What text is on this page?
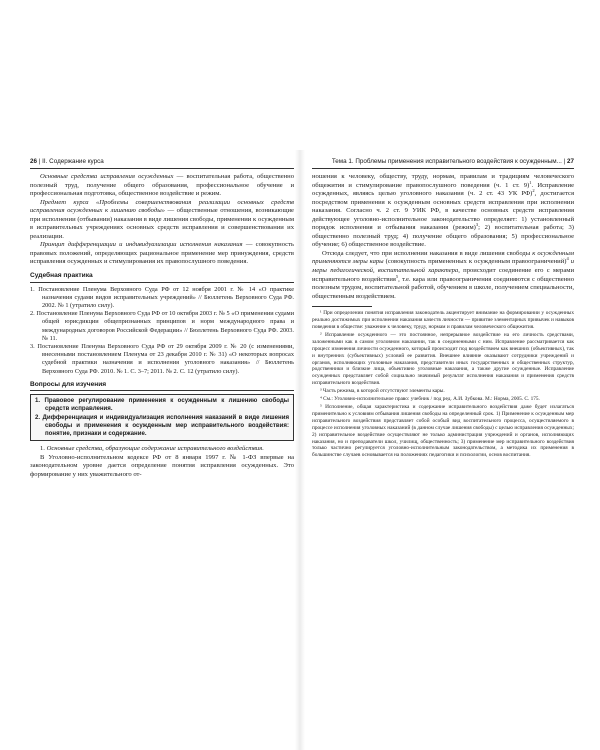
26 | II. Содержание курса

Основные средства исправления осужденных — воспитательная работа, общественно полезный труд, получение общего образования, профессиональное обучение и профессиональная подготовка, общественное воздействие и режим.

Предмет курса «Проблемы совершенствования реализации основных средств исправления осужденных к лишению свободы» — общественные отношения, возникающие при исполнении (отбывании) наказания в виде лишения свободы, применении к осужденным в исправительных учреждениях основных средств исправления и совершенствовании их реализации.

Принцип дифференциации и индивидуализации исполнения наказания — совокупность правовых положений, определяющих рациональное применение мер принуждения, средств исправления осужденных и стимулирования их правопослушного поведения.

Судебная практика

1. Постановление Пленума Верховного Суда РФ от 12 ноября 2001 г. № 14 «О практике назначения судами видов исправительных учреждений» // Бюллетень Верховного Суда РФ. 2002. № 1 (утратило силу).

2. Постановление Пленума Верховного Суда РФ от 10 октября 2003 г. № 5 «О применении судами общей юрисдикции общепризнанных принципов и норм международного права и международных договоров Российской Федерации» // Бюллетень Верховного Суда РФ. 2003. № 11.

3. Постановление Пленума Верховного Суда РФ от 29 октября 2009 г. № 20 (с изменениями, внесенными постановлением Пленума от 23 декабря 2010 г. № 31) «О некоторых вопросах судебной практики назначения и исполнения уголовного наказания» // Бюллетень Верховного Суда РФ. 2010. № 1. С. 3–7; 2011. № 2. С. 12 (утратило силу).

Вопросы для изучения

1. Правовое регулирование применения к осужденным к лишению свободы средств исправления.

2. Дифференциация и индивидуализация исполнения наказаний в виде лишения свободы и применения к осужденным мер исправительного воздействия: понятие, признаки и содержание.

1. Основные средства, образующие содержание исправительного воздействия.

В Уголовно-исполнительном кодексе РФ от 8 января 1997 г. № 1-ФЗ впервые на законодательном уровне дается определение понятия исправления осужденных. Это формирование у них уважительного от-

Тема 1. Проблемы применения исправительного воздействия к осужденным... | 27

ношения к человеку, обществу, труду, нормам, правилам и традициям человеческого общежития и стимулирование правопослушного поведения (ч. 1 ст. 9)$^1$. Исправление осужденных, являясь целью уголовного наказания (ч. 2 ст. 43 УК РФ)$^2$, достигается посредством применения к осужденным основных средств исправления при исполнении наказания. Согласно ч. 2 ст. 9 УИК РФ, в качестве основных средств исправления действующее уголовно-исполнительное законодательство определяет: 1) установленный порядок исполнения и отбывания наказания (режим)$^3$; 2) воспитательная работа; 3) общественно полезный труд; 4) получение общего образования; 5) профессиональное обучение; 6) общественное воздействие.

Отсюда следует, что при исполнении наказания в виде лишения свободы к осужденным применяются меры кары (совокупность примененных к осужденным правоограничений)$^4$ и меры педагогической, воспитательной характера, происходит соединение его с мерами исправительного воздействия$^5$, т.е. кара или правоограничения соединяются с общественно полезным трудом, воспитательной работой, обучением в школе, получением специальности, общественным воздействием.

¹ При определении понятия исправления законодатель акцентирует внимание на формировании у осужденных реально достижимых при исполнении наказания качеств личности — привитие элементарных привычек и навыков поведения в обществе: уважение к человеку, труду, нормам и правилам человеческого общежития.

² Исправление осужденного — это постоянное, непрерывное воздействие на его личность средствами, заложенными как в самом уголовном наказании, так в соединенными с ним. Исправление рассматривается как процесс изменения личности осужденного, который происходит под воздействием как внешних (объективных), так и внутренних (субъективных) условий ее развития. Внешнее влияние оказывают сотрудники учреждений и органов, исполняющих уголовные наказания, представители иных государственных и общественных структур, родственники и близкие лица, объективно уголовные наказания, а также другие осужденные. Исправление осужденных представляет собой социально значимый результат исполнения наказания и применения средств исправительного воздействия.

³ Часть режима, в которой отсутствуют элементы кары.

⁴ См.: Уголовно-исполнительное право: учебник / под ред. А.И. Зубкова. М.: Норма, 2005. С. 175.

⁵ Исполнение, общая характеристика и содержание исправительного воздействия даже будет излагаться применительно к условиям отбывания лишения свободы на определенный срок. 1) Применение к осужденным мер исправительного воздействия представляет собой особый вид воспитательного процесса, осуществляемого в процессе исполнения уголовных наказаний (в данном случае лишения свободы) с целью исправления осужденных; 2) исправительное воздействие осуществляют не только администрация учреждений и органов, исполняющих наказания, но и преподаватели школ, училищ, общественность; 3) применение мер исправительного воздействия только частично регулируется уголовно-исполнительным законодательством, а методика их применения в большинстве случаев основывается на положениях педагогики и психологии, основ воспитания.
